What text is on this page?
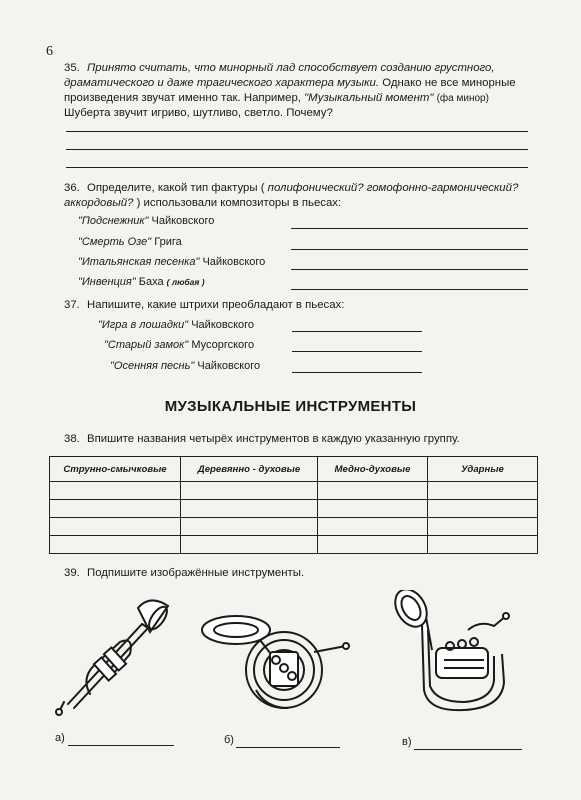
6
35. Принято считать, что минорный лад способствует созданию грустного, драматического и даже трагического характера музыки. Однако не все минорные произведения звучат именно так. Например, "Музыкальный момент" (фа минор) Шуберта звучит игриво, шутливо, светло. Почему?
36. Определите, какой тип фактуры ( полифонический? гомофонно-гармонический? аккордовый? ) использовали композиторы в пьесах:
"Подснежник" Чайковского
"Смерть Озе" Грига
"Итальянская песенка" Чайковского
"Инвенция" Баха ( любая )
37. Напишите, какие штрихи преобладают в пьесах:
"Игра в лошадки" Чайковского
"Старый замок" Мусоргского
"Осенняя песнь" Чайковского
МУЗЫКАЛЬНЫЕ ИНСТРУМЕНТЫ
38. Впишите названия четырёх инструментов в каждую указанную группу.
Струнно-смычковые	Деревянно - духовые	Медно-духовые	Ударные

39. Подпишите изображённые инструменты.
а)	б)	в)
